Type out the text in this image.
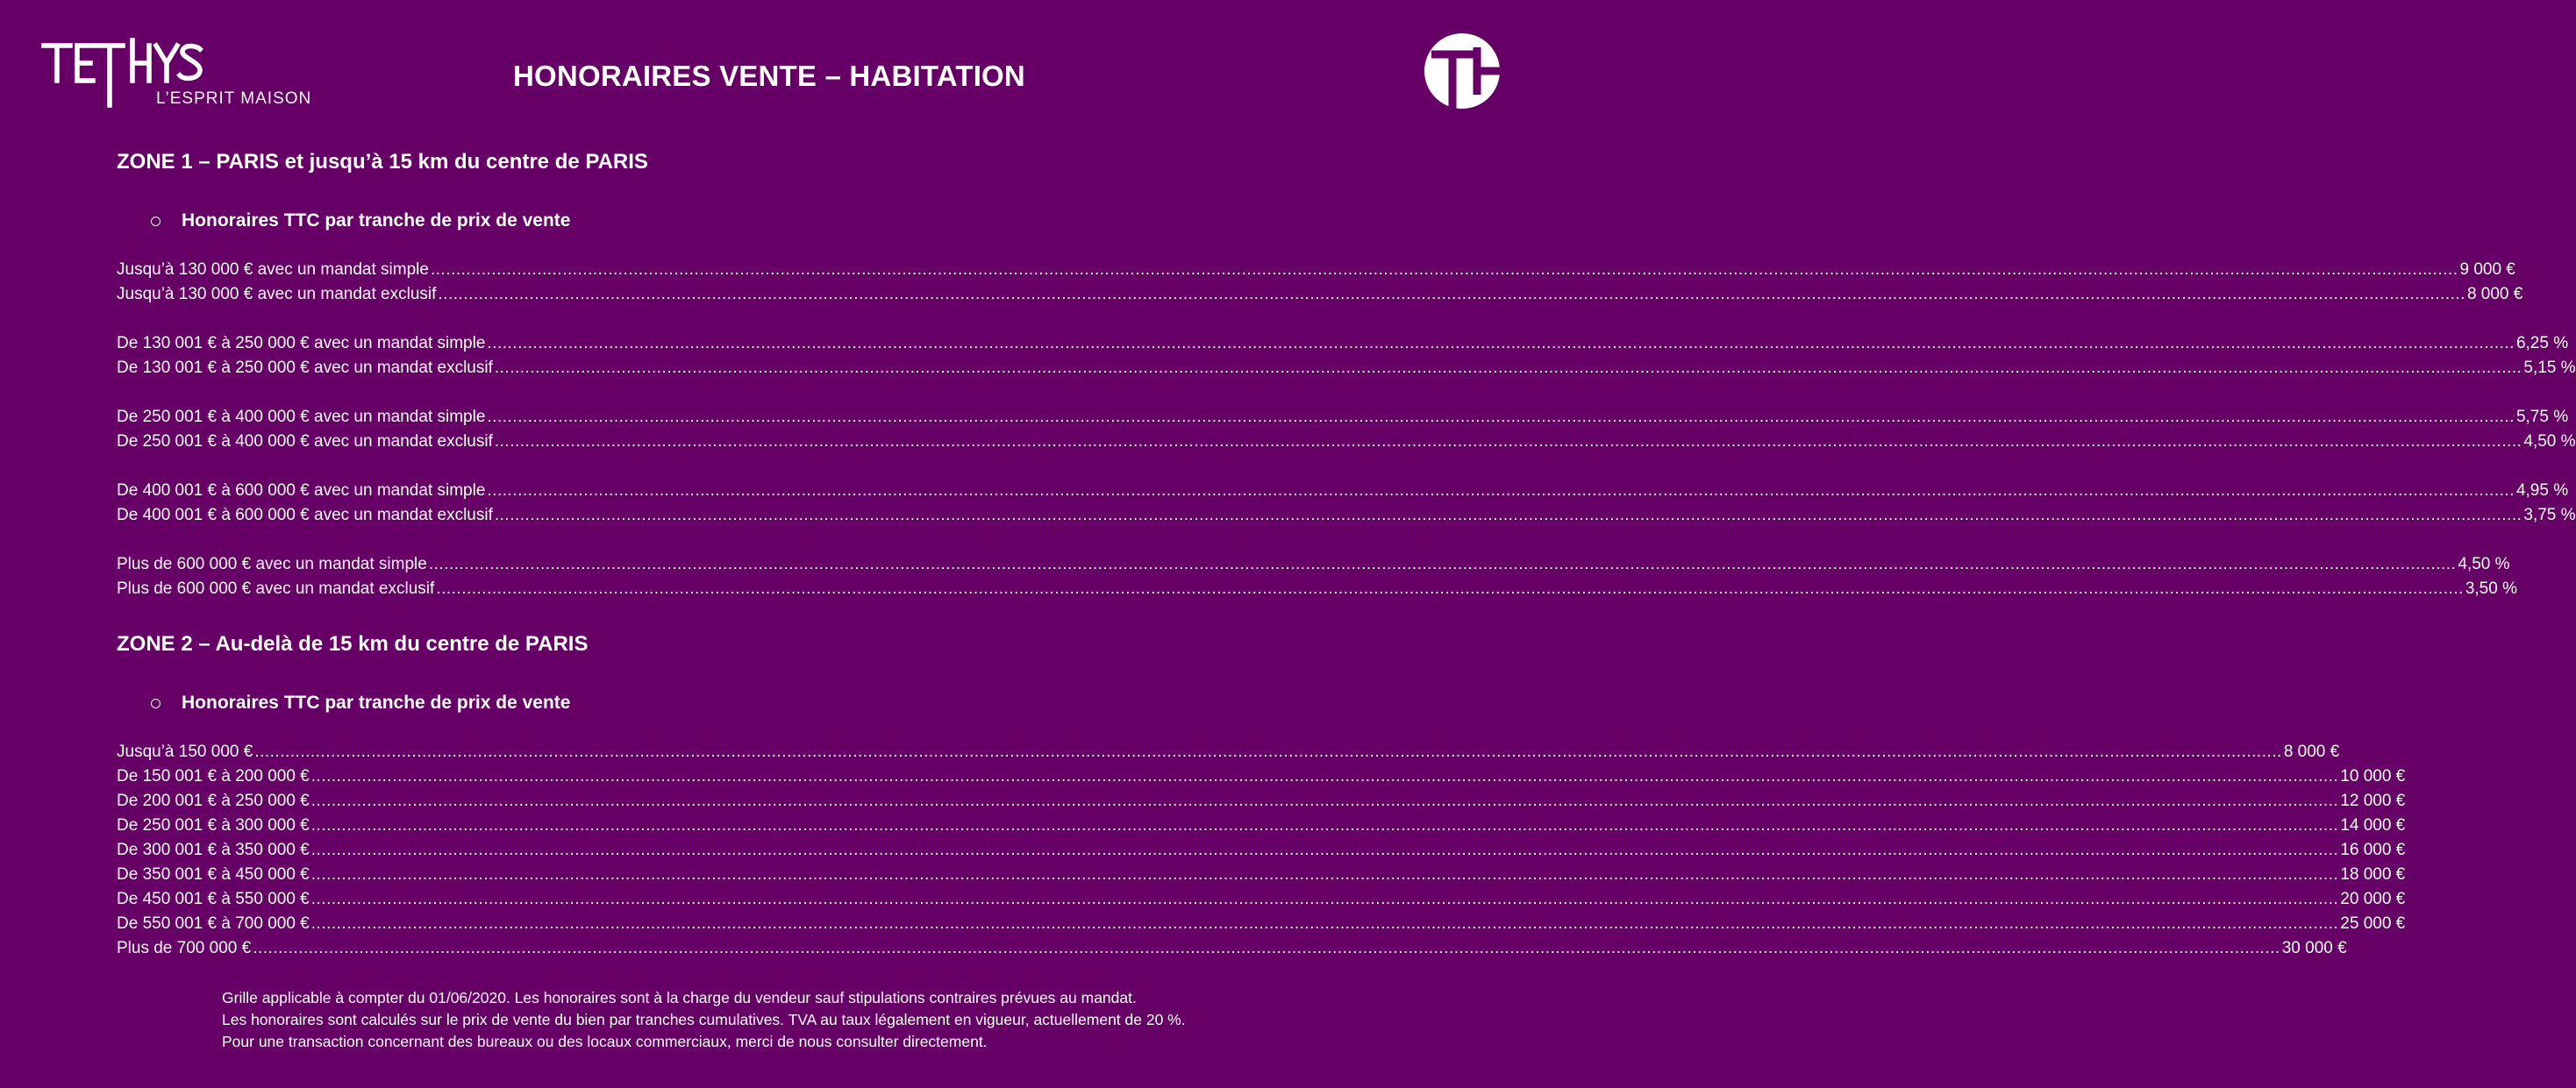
L’ESPRIT MAISON
HONORAIRES VENTE – HABITATION
ZONE 1 – PARIS et jusqu’à 15 km du centre de PARIS
Honoraires TTC par tranche de prix de vente
Jusqu’à 130 000 € avec un mandat simple ................................................................................................................................................................................................................................................................................................................................................................................................................ 9 000 €
Jusqu’à 130 000 € avec un mandat exclusif ................................................................................................................................................................................................................................................................................................................................................................................................................ 8 000 €
De 130 001 € à 250 000 € avec un mandat simple ................................................................................................................................................................................................................................................................................................................................................................................................................ 6,25 %
De 130 001 € à 250 000 € avec un mandat exclusif ................................................................................................................................................................................................................................................................................................................................................................................................................ 5,15 %
De 250 001 € à 400 000 € avec un mandat simple ................................................................................................................................................................................................................................................................................................................................................................................................................ 5,75 %
De 250 001 € à 400 000 € avec un mandat exclusif ................................................................................................................................................................................................................................................................................................................................................................................................................ 4,50 %
De 400 001 € à 600 000 € avec un mandat simple ................................................................................................................................................................................................................................................................................................................................................................................................................ 4,95 %
De 400 001 € à 600 000 € avec un mandat exclusif ................................................................................................................................................................................................................................................................................................................................................................................................................ 3,75 %
Plus de 600 000 € avec un mandat simple ................................................................................................................................................................................................................................................................................................................................................................................................................ 4,50 %
Plus de 600 000 € avec un mandat exclusif ................................................................................................................................................................................................................................................................................................................................................................................................................ 3,50 %
ZONE 2 – Au-delà de 15 km du centre de PARIS
Honoraires TTC par tranche de prix de vente
Jusqu’à 150 000 € ................................................................................................................................................................................................................................................................................................................................................................................................................ 8 000 €
De 150 001 € à 200 000 € ................................................................................................................................................................................................................................................................................................................................................................................................................ 10 000 €
De 200 001 € à 250 000 € ................................................................................................................................................................................................................................................................................................................................................................................................................ 12 000 €
De 250 001 € à 300 000 € ................................................................................................................................................................................................................................................................................................................................................................................................................ 14 000 €
De 300 001 € à 350 000 € ................................................................................................................................................................................................................................................................................................................................................................................................................ 16 000 €
De 350 001 € à 450 000 € ................................................................................................................................................................................................................................................................................................................................................................................................................ 18 000 €
De 450 001 € à 550 000 € ................................................................................................................................................................................................................................................................................................................................................................................................................ 20 000 €
De 550 001 € à 700 000 € ................................................................................................................................................................................................................................................................................................................................................................................................................ 25 000 €
Plus de 700 000 € ................................................................................................................................................................................................................................................................................................................................................................................................................ 30 000 €
Grille applicable à compter du 01/06/2020. Les honoraires sont à la charge du vendeur sauf stipulations contraires prévues au mandat.
Les honoraires sont calculés sur le prix de vente du bien par tranches cumulatives. TVA au taux légalement en vigueur, actuellement de 20 %.
Pour une transaction concernant des bureaux ou des locaux commerciaux, merci de nous consulter directement.
